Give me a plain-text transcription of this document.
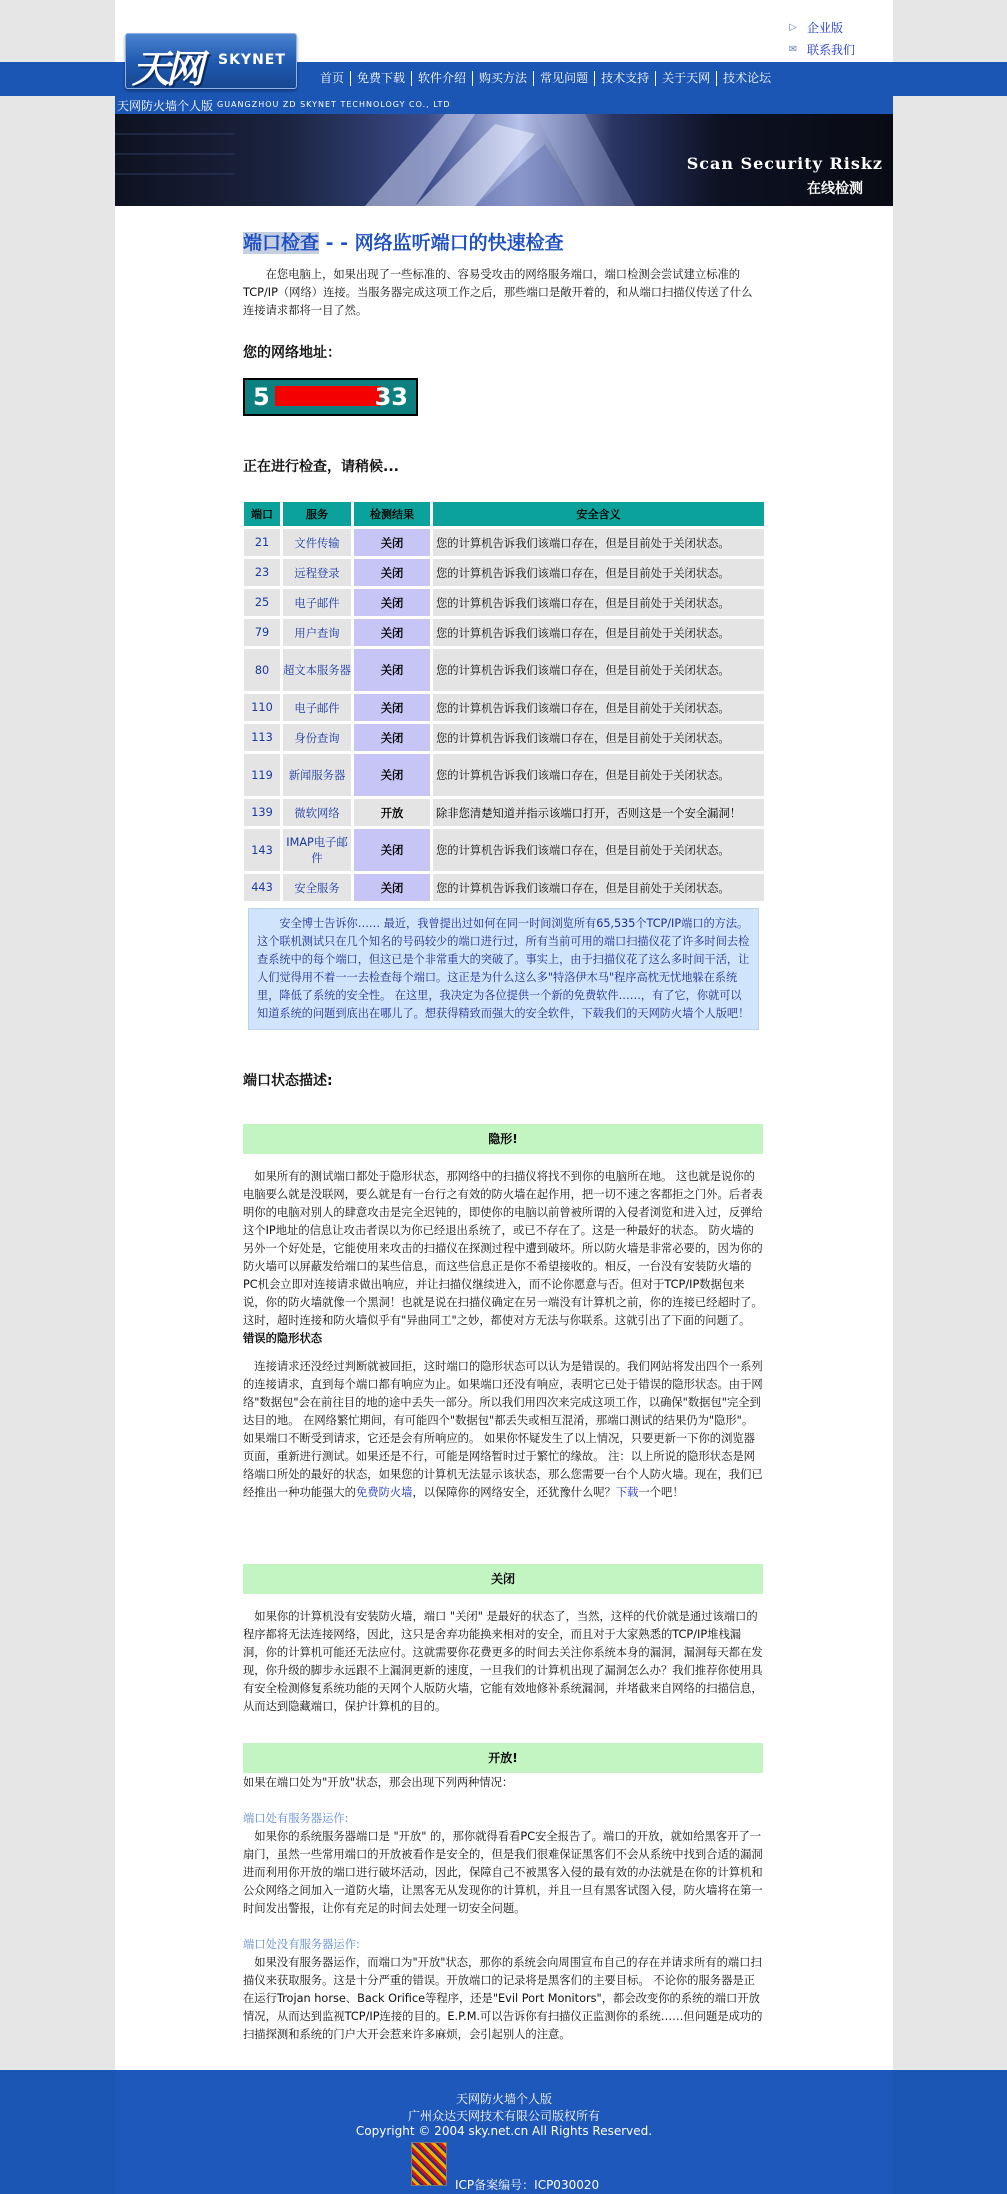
天网 SKYNET
▷ 企业版
✉ 联系我们
首页	免费下载	软件介绍	购买方法	常见问题	技术支持	关于天网	技术论坛
天网防火墙个人版 GUANGZHOU ZD SKYNET TECHNOLOGY CO., LTD
Scan Security Riskz
在线检测
端口检查 - - 网络监听端口的快速检查

在您电脑上，如果出现了一些标准的、容易受攻击的网络服务端口，端口检测会尝试建立标准的TCP/IP（网络）连接。当服务器完成这项工作之后，那些端口是敞开着的，和从端口扫描仪传送了什么连接请求都将一目了然。

您的网络地址：
5	33
正在进行检查，请稍候...
端口	服务	检测结果	安全含义
21	文件传输	关闭	您的计算机告诉我们该端口存在，但是目前处于关闭状态。
23	远程登录	关闭	您的计算机告诉我们该端口存在，但是目前处于关闭状态。
25	电子邮件	关闭	您的计算机告诉我们该端口存在，但是目前处于关闭状态。
79	用户查询	关闭	您的计算机告诉我们该端口存在，但是目前处于关闭状态。
80	超文本服务器	关闭	您的计算机告诉我们该端口存在，但是目前处于关闭状态。
110	电子邮件	关闭	您的计算机告诉我们该端口存在，但是目前处于关闭状态。
113	身份查询	关闭	您的计算机告诉我们该端口存在，但是目前处于关闭状态。
119	新闻服务器	关闭	您的计算机告诉我们该端口存在，但是目前处于关闭状态。
139	微软网络	开放	除非您清楚知道并指示该端口打开，否则这是一个安全漏洞！
143	IMAP电子邮件	关闭	您的计算机告诉我们该端口存在，但是目前处于关闭状态。
443	安全服务	关闭	您的计算机告诉我们该端口存在，但是目前处于关闭状态。
安全博士告诉你…… 最近，我曾提出过如何在同一时间浏览所有65,535个TCP/IP端口的方法。这个联机测试只在几个知名的号码较少的端口进行过，所有当前可用的端口扫描仪花了许多时间去检查系统中的每个端口，但这已是个非常重大的突破了。事实上，由于扫描仪花了这么多时间干活，让人们觉得用不着一一去检查每个端口。这正是为什么这么多"特洛伊木马"程序高枕无忧地躲在系统里，降低了系统的安全性。 在这里，我决定为各位提供一个新的免费软件……，有了它，你就可以知道系统的问题到底出在哪儿了。想获得精致而强大的安全软件，下载我们的天网防火墙个人版吧！
端口状态描述:
隐形!

如果所有的测试端口都处于隐形状态，那网络中的扫描仪将找不到你的电脑所在地。 这也就是说你的电脑要么就是没联网，要么就是有一台行之有效的防火墙在起作用，把一切不速之客都拒之门外。后者表明你的电脑对别人的肆意攻击是完全迟钝的，即使你的电脑以前曾被所谓的入侵者浏览和进入过，反弹给这个IP地址的信息让攻击者误以为你已经退出系统了，或已不存在了。这是一种最好的状态。 防火墙的另外一个好处是，它能使用来攻击的扫描仪在探测过程中遭到破坏。所以防火墙是非常必要的，因为你的防火墙可以屏蔽发给端口的某些信息，而这些信息正是你不希望接收的。相反，一台没有安装防火墙的PC机会立即对连接请求做出响应，并让扫描仪继续进入，而不论你愿意与否。但对于TCP/IP数据包来说，你的防火墙就像一个黑洞！也就是说在扫描仪确定在另一端没有计算机之前，你的连接已经超时了。这时，超时连接和防火墙似乎有"异曲同工"之妙，都使对方无法与你联系。这就引出了下面的问题了。 错误的隐形状态

连接请求还没经过判断就被回拒，这时端口的隐形状态可以认为是错误的。我们网站将发出四个一系列的连接请求，直到每个端口都有响应为止。如果端口还没有响应，表明它已处于错误的隐形状态。由于网络"数据包"会在前往目的地的途中丢失一部分。所以我们用四次来完成这项工作，以确保"数据包"完全到达目的地。 在网络繁忙期间，有可能四个"数据包"都丢失或相互混淆，那端口测试的结果仍为"隐形"。如果端口不断受到请求，它还是会有所响应的。 如果你怀疑发生了以上情况，只要更新一下你的浏览器页面，重新进行测试。如果还是不行，可能是网络暂时过于繁忙的缘故。 注：以上所说的隐形状态是网络端口所处的最好的状态，如果您的计算机无法显示该状态，那么您需要一台个人防火墙。现在，我们已经推出一种功能强大的免费防火墙，以保障你的网络安全，还犹豫什么呢？下载一个吧！

关闭

如果你的计算机没有安装防火墙，端口 "关闭" 是最好的状态了，当然，这样的代价就是通过该端口的程序都将无法连接网络，因此，这只是舍弃功能换来相对的安全，而且对于大家熟悉的TCP/IP堆栈漏洞，你的计算机可能还无法应付。这就需要你花费更多的时间去关注你系统本身的漏洞，漏洞每天都在发现，你升级的脚步永远跟不上漏洞更新的速度，一旦我们的计算机出现了漏洞怎么办？我们推荐你使用具有安全检测修复系统功能的天网个人版防火墙，它能有效地修补系统漏洞，并堵截来自网络的扫描信息，从而达到隐藏端口，保护计算机的目的。

开放!

如果在端口处为"开放"状态，那会出现下列两种情况：

端口处有服务器运作:

如果你的系统服务器端口是 "开放" 的，那你就得看看PC安全报告了。端口的开放，就如给黑客开了一扇门，虽然一些常用端口的开放被看作是安全的，但是我们很难保证黑客们不会从系统中找到合适的漏洞进而利用你开放的端口进行破坏活动，因此，保障自己不被黑客入侵的最有效的办法就是在你的计算机和公众网络之间加入一道防火墙，让黑客无从发现你的计算机，并且一旦有黑客试图入侵，防火墙将在第一时间发出警报，让你有充足的时间去处理一切安全问题。

端口处没有服务器运作:

如果没有服务器运作，而端口为"开放"状态，那你的系统会向周围宣布自己的存在并请求所有的端口扫描仪来获取服务。这是十分严重的错误。开放端口的记录将是黑客们的主要目标。 不论你的服务器是正在运行Trojan horse、Back Orifice等程序，还是"Evil Port Monitors"，都会改变你的系统的端口开放情况，从而达到监视TCP/IP连接的目的。E.P.M.可以告诉你有扫描仪正监测你的系统……但问题是成功的扫描探测和系统的门户大开会惹来许多麻烦，会引起别人的注意。

天网防火墙个人版
广州众达天网技术有限公司版权所有
Copyright © 2004 sky.net.cn All Rights Reserved.
ICP备案编号：ICP030020
